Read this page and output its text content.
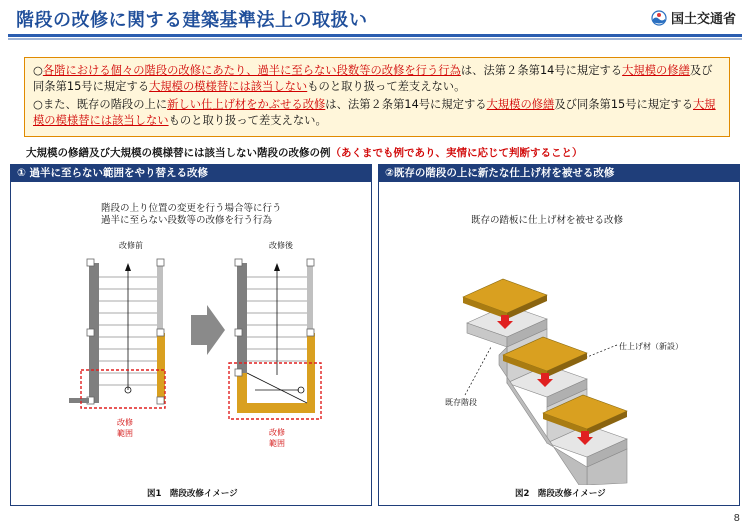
階段の改修に関する建築基準法上の取扱い	国土交通省

○各階における個々の階段の改修にあたり、過半に至らない段数等の改修を行う行為は、法第２条第14号に規定する大規模の修繕及び同条第15号に規定する大規模の模様替には該当しないものと取り扱って差支えない。

○また、既存の階段の上に新しい仕上げ材をかぶせる改修は、法第２条第14号に規定する大規模の修繕及び同条第15号に規定する大規模の模様替には該当しないものと取り扱って差支えない。

大規模の修繕及び大規模の模様替には該当しない階段の改修の例（あくまでも例であり、実情に応じて判断すること）
① 過半に至らない範囲をやり替える改修
階段の上り位置の変更を行う場合等に行う
過半に至らない段数等の改修を行う行為
改修前
改修
範囲
改修後
改修
範囲
図1　階段改修イメージ
②既存の階段の上に新たな仕上げ材を被せる改修
既存の踏板に仕上げ材を被せる改修
仕上げ材（新設）
既存階段
図2　階段改修イメージ
8
